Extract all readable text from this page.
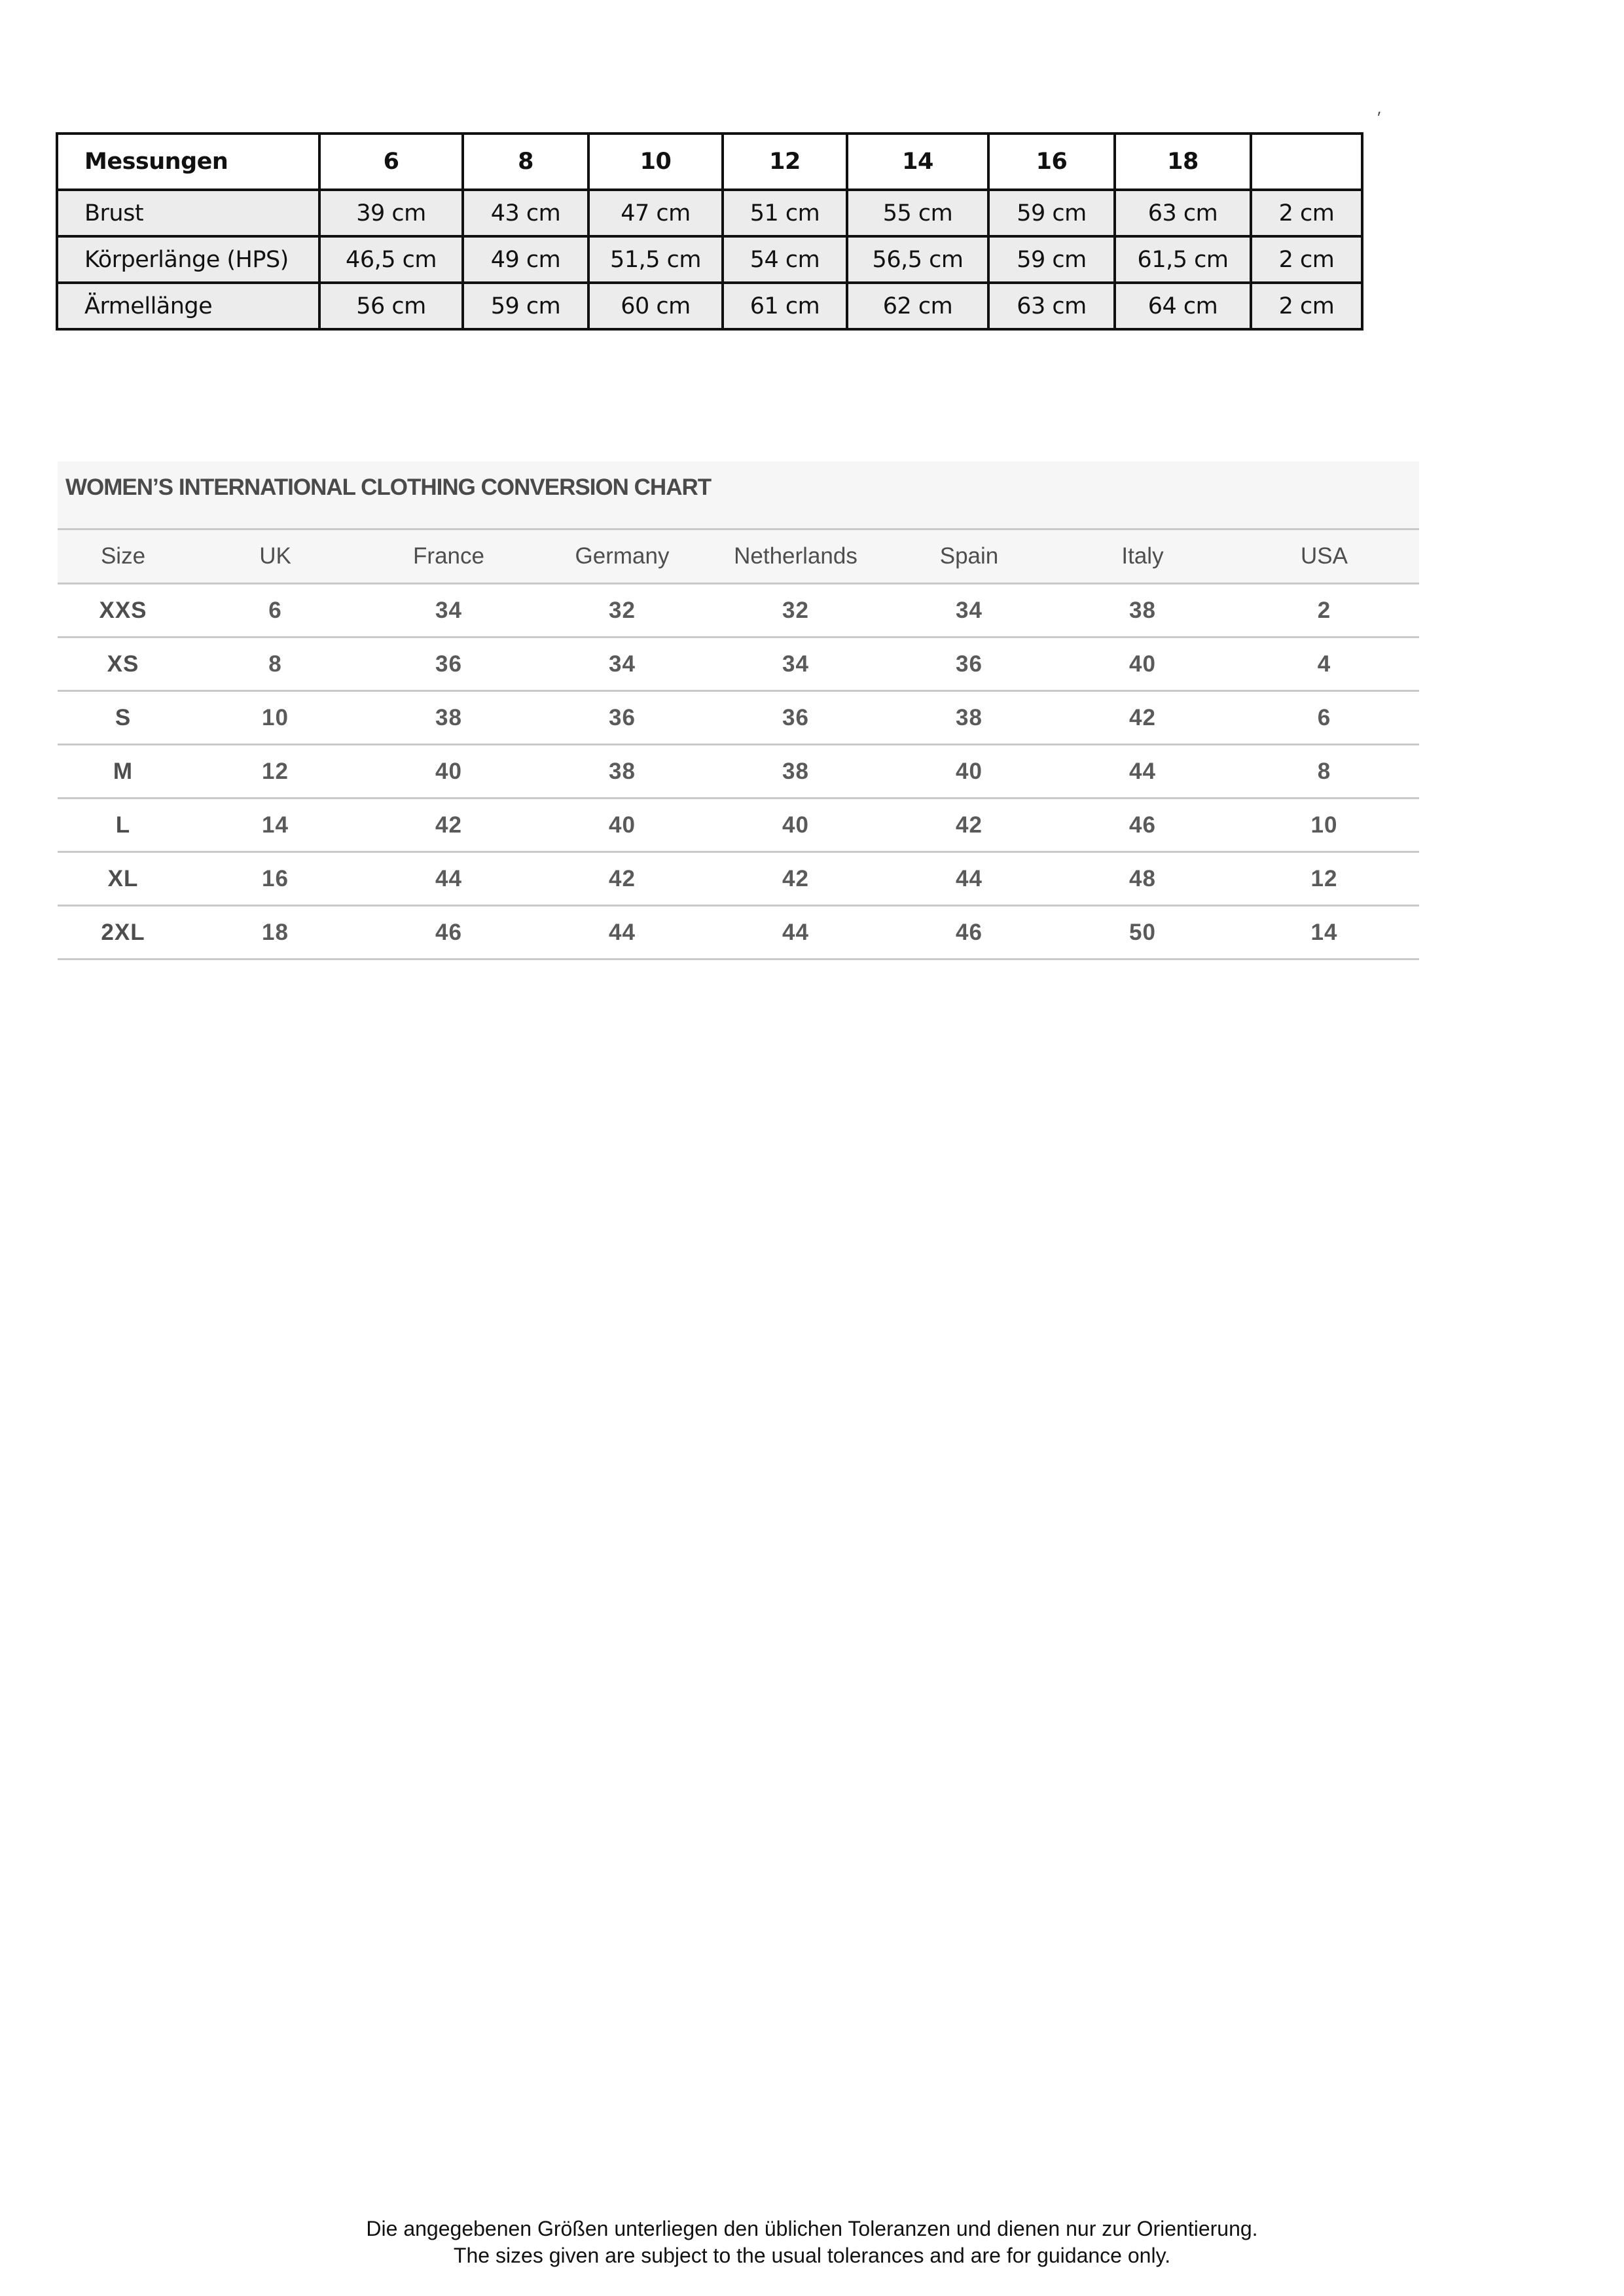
׳
Messungen	6	8	10	12	14	16	18	
Brust	39 cm	43 cm	47 cm	51 cm	55 cm	59 cm	63 cm	2 cm
Körperlänge (HPS)	46,5 cm	49 cm	51,5 cm	54 cm	56,5 cm	59 cm	61,5 cm	2 cm
Ärmellänge	56 cm	59 cm	60 cm	61 cm	62 cm	63 cm	64 cm	2 cm
WOMEN’S INTERNATIONAL CLOTHING CONVERSION CHART
Size	UK	France	Germany	Netherlands	Spain	Italy	USA
XXS	6	34	32	32	34	38	2
XS	8	36	34	34	36	40	4
S	10	38	36	36	38	42	6
M	12	40	38	38	40	44	8
L	14	42	40	40	42	46	10
XL	16	44	42	42	44	48	12
2XL	18	46	44	44	46	50	14
Die angegebenen Größen unterliegen den üblichen Toleranzen und dienen nur zur Orientierung.
The sizes given are subject to the usual tolerances and are for guidance only.
